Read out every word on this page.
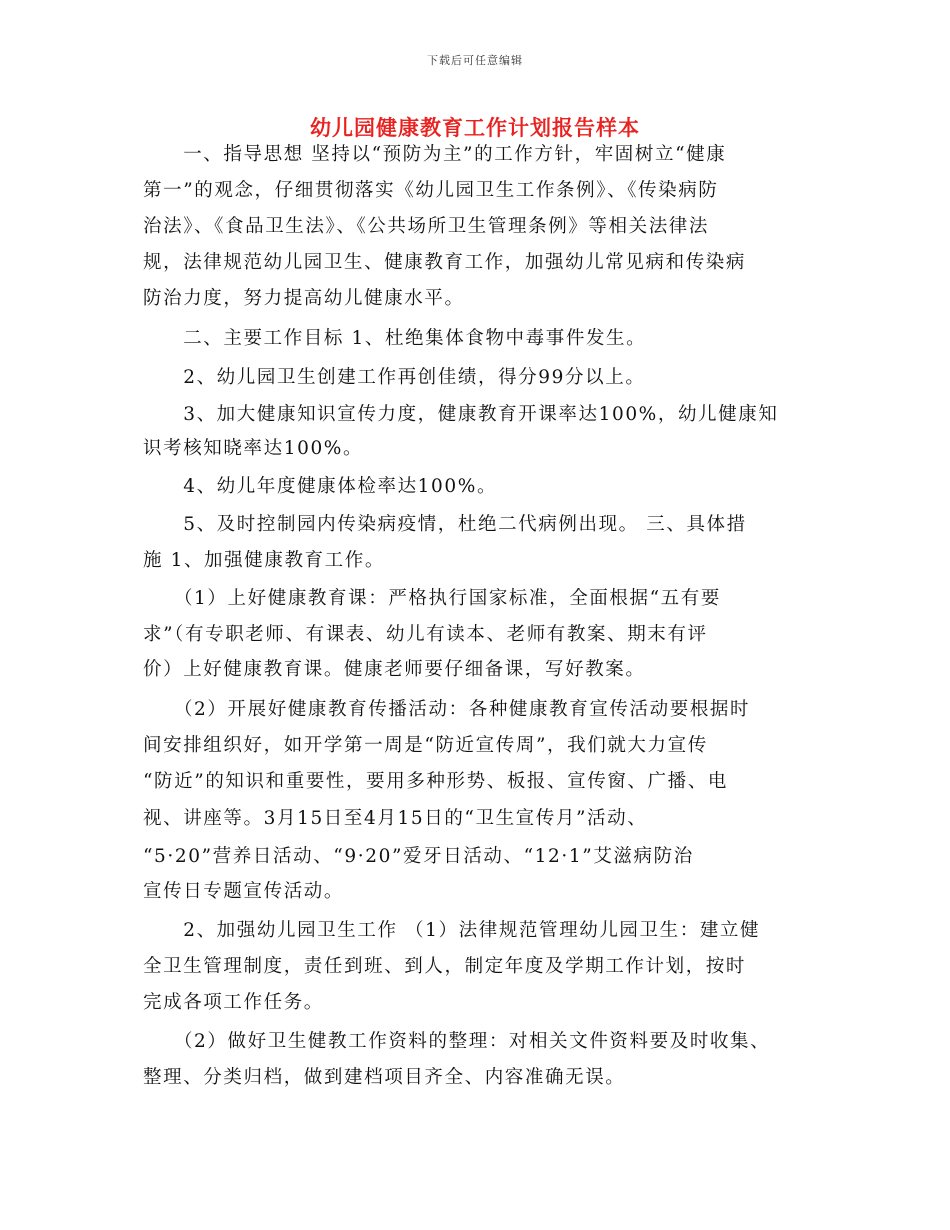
下载后可任意编辑
幼儿园健康教育工作计划报告样本
　　一、指导思想 坚持以“预防为主”的工作方针，牢固树立“健康
第一”的观念，仔细贯彻落实《幼儿园卫生工作条例》、《传染病防
治法》、《食品卫生法》、《公共场所卫生管理条例》等相关法律法
规，法律规范幼儿园卫生、健康教育工作，加强幼儿常见病和传染病
防治力度，努力提高幼儿健康水平。
　　二、主要工作目标 1、杜绝集体食物中毒事件发生。
　　2、幼儿园卫生创建工作再创佳绩，得分99分以上。
　　3、加大健康知识宣传力度，健康教育开课率达100%，幼儿健康知
识考核知晓率达100%。
　　4、幼儿年度健康体检率达100%。
　　5、及时控制园内传染病疫情，杜绝二代病例出现。 三、具体措
施 1、加强健康教育工作。
　　（1）上好健康教育课：严格执行国家标准，全面根据“五有要
求”（有专职老师、有课表、幼儿有读本、老师有教案、期末有评
价）上好健康教育课。健康老师要仔细备课，写好教案。
　　（2）开展好健康教育传播活动：各种健康教育宣传活动要根据时
间安排组织好，如开学第一周是“防近宣传周”，我们就大力宣传
“防近”的知识和重要性，要用多种形势、板报、宣传窗、广播、电
视、讲座等。3月15日至4月15日的“卫生宣传月”活动、
“5·20”营养日活动、“9·20”爱牙日活动、“12·1”艾滋病防治
宣传日专题宣传活动。
　　2、加强幼儿园卫生工作 （1）法律规范管理幼儿园卫生：建立健
全卫生管理制度，责任到班、到人，制定年度及学期工作计划，按时
完成各项工作任务。
　　（2）做好卫生健教工作资料的整理：对相关文件资料要及时收集、
整理、分类归档，做到建档项目齐全、内容准确无误。
